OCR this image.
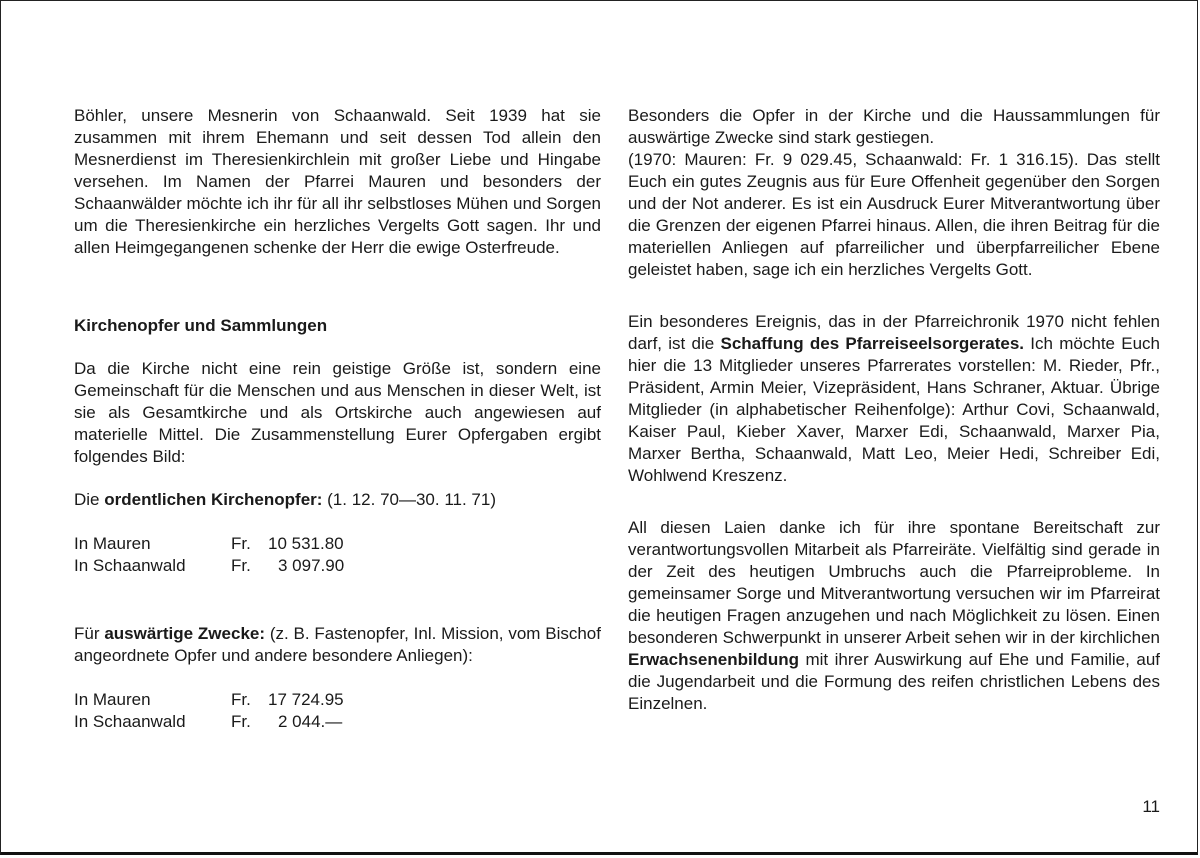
Böhler, unsere Mesnerin von Schaanwald. Seit 1939 hat sie zusammen mit ihrem Ehemann und seit dessen Tod allein den Mesnerdienst im Theresienkirchlein mit großer Liebe und Hingabe versehen. Im Namen der Pfarrei Mauren und besonders der Schaanwälder möchte ich ihr für all ihr selbstloses Mühen und Sorgen um die Theresienkirche ein herzliches Vergelts Gott sagen. Ihr und allen Heimgegangenen schenke der Herr die ewige Osterfreude.

Kirchenopfer und Sammlungen

Da die Kirche nicht eine rein geistige Größe ist, sondern eine Gemeinschaft für die Menschen und aus Menschen in dieser Welt, ist sie als Gesamtkirche und als Ortskirche auch angewiesen auf materielle Mittel. Die Zusammenstellung Eurer Opfergaben ergibt folgendes Bild:

Die ordentlichen Kirchenopfer: (1. 12. 70—30. 11. 71)

In Mauren	Fr.	10 531.80
In Schaanwald	Fr.	3 097.90

Für auswärtige Zwecke: (z. B. Fastenopfer, Inl. Mission, vom Bischof angeordnete Opfer und andere besondere Anliegen):

In Mauren	Fr.	17 724.95
In Schaanwald	Fr.	2 044.—

Besonders die Opfer in der Kirche und die Haussammlungen für auswärtige Zwecke sind stark gestiegen.

(1970: Mauren: Fr. 9 029.45, Schaanwald: Fr. 1 316.15). Das stellt Euch ein gutes Zeugnis aus für Eure Offenheit gegenüber den Sorgen und der Not anderer. Es ist ein Ausdruck Eurer Mitverantwortung über die Grenzen der eigenen Pfarrei hinaus. Allen, die ihren Beitrag für die materiellen Anliegen auf pfarreilicher und überpfarreilicher Ebene geleistet haben, sage ich ein herzliches Vergelts Gott.

Ein besonderes Ereignis, das in der Pfarreichronik 1970 nicht fehlen darf, ist die Schaffung des Pfarreiseelsorgerates. Ich möchte Euch hier die 13 Mitglieder unseres Pfarrerates vorstellen: M. Rieder, Pfr., Präsident, Armin Meier, Vizepräsident, Hans Schraner, Aktuar. Übrige Mitglieder (in alphabetischer Reihenfolge): Arthur Covi, Schaanwald, Kaiser Paul, Kieber Xaver, Marxer Edi, Schaanwald, Marxer Pia, Marxer Bertha, Schaanwald, Matt Leo, Meier Hedi, Schreiber Edi, Wohlwend Kreszenz.

All diesen Laien danke ich für ihre spontane Bereitschaft zur verantwortungsvollen Mitarbeit als Pfarreiräte. Vielfältig sind gerade in der Zeit des heutigen Umbruchs auch die Pfarreiprobleme. In gemeinsamer Sorge und Mitverantwortung versuchen wir im Pfarreirat die heutigen Fragen anzugehen und nach Möglichkeit zu lösen. Einen besonderen Schwerpunkt in unserer Arbeit sehen wir in der kirchlichen Erwachsenenbildung mit ihrer Auswirkung auf Ehe und Familie, auf die Jugendarbeit und die Formung des reifen christlichen Lebens des Einzelnen.

11
